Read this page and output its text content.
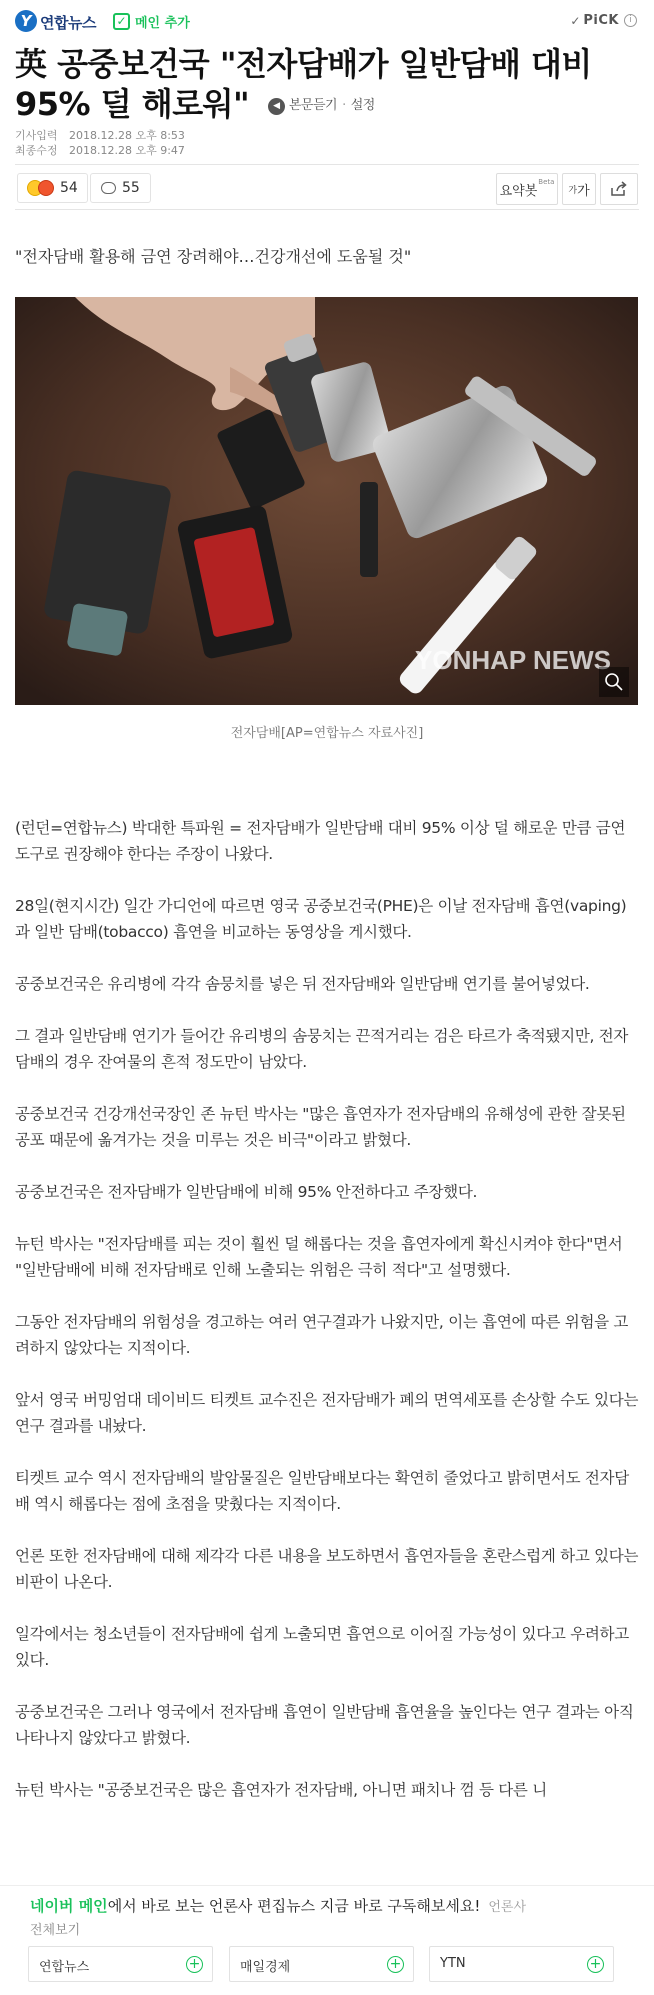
Y 연합뉴스 ✓ 메인 추가	✓ PiCK	i
英 공중보건국 "전자담배가 일반담배 대비 95% 덜 해로워"	◀ 본문듣기 · 설정
기사입력 2018.12.28 오후 8:53
최종수정 2018.12.28 오후 9:47
54	55	요약봇
$^{Beta}$
가 가
"전자담배 활용해 금연 장려해야…건강개선에 도움될 것"
YONHAP NEWS
전자담배[AP=연합뉴스 자료사진]

(런던=연합뉴스) 박대한 특파원 = 전자담배가 일반담배 대비 95% 이상 덜 해로운 만큼 금연도구로 권장해야 한다는 주장이 나왔다.

28일(현지시간) 일간 가디언에 따르면 영국 공중보건국(PHE)은 이날 전자담배 흡연(vaping)과 일반 담배(tobacco) 흡연을 비교하는 동영상을 게시했다.

공중보건국은 유리병에 각각 솜뭉치를 넣은 뒤 전자담배와 일반담배 연기를 불어넣었다.

그 결과 일반담배 연기가 들어간 유리병의 솜뭉치는 끈적거리는 검은 타르가 축적됐지만, 전자담배의 경우 잔여물의 흔적 정도만이 남았다.

공중보건국 건강개선국장인 존 뉴턴 박사는 "많은 흡연자가 전자담배의 유해성에 관한 잘못된 공포 때문에 옮겨가는 것을 미루는 것은 비극"이라고 밝혔다.

공중보건국은 전자담배가 일반담배에 비해 95% 안전하다고 주장했다.

뉴턴 박사는 "전자담배를 피는 것이 훨씬 덜 해롭다는 것을 흡연자에게 확신시켜야 한다"면서 "일반담배에 비해 전자담배로 인해 노출되는 위험은 극히 적다"고 설명했다.

그동안 전자담배의 위험성을 경고하는 여러 연구결과가 나왔지만, 이는 흡연에 따른 위험을 고려하지 않았다는 지적이다.

앞서 영국 버밍엄대 데이비드 티켓트 교수진은 전자담배가 폐의 면역세포를 손상할 수도 있다는 연구 결과를 내놨다.

티켓트 교수 역시 전자담배의 발암물질은 일반담배보다는 확연히 줄었다고 밝히면서도 전자담배 역시 해롭다는 점에 초점을 맞췄다는 지적이다.

언론 또한 전자담배에 대해 제각각 다른 내용을 보도하면서 흡연자들을 혼란스럽게 하고 있다는 비판이 나온다.

일각에서는 청소년들이 전자담배에 쉽게 노출되면 흡연으로 이어질 가능성이 있다고 우려하고 있다.

공중보건국은 그러나 영국에서 전자담배 흡연이 일반담배 흡연율을 높인다는 연구 결과는 아직 나타나지 않았다고 밝혔다.

뉴턴 박사는 "공중보건국은 많은 흡연자가 전자담배, 아니면 패치나 껌 등 다른 니

네이버 메인에서 바로 보는 언론사 편집뉴스 지금 바로 구독해보세요! 언론사
전체보기
연합뉴스	+	매일경제	+	YTN	+
